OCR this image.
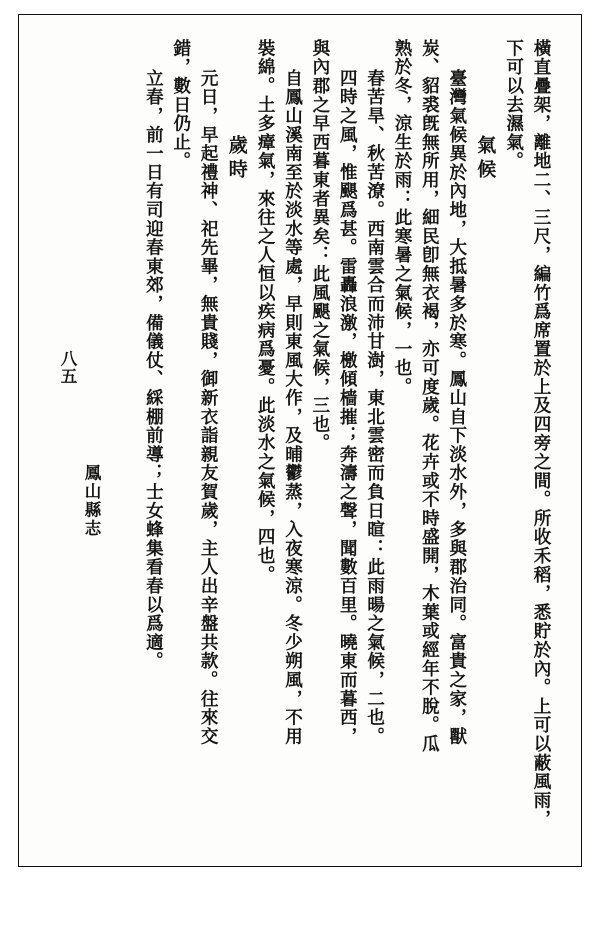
橫直疊架，離地二、三尺，編竹爲席置於上及四旁之間。所收禾稻，悉貯於內。上可以蔽風雨，
下可以去濕氣。
氣候
臺灣氣候異於內地，大抵暑多於寒。鳳山自下淡水外，多與郡治同。富貴之家，獸
炭、貂裘旣無所用，細民卽無衣褐，亦可度歲。花卉或不時盛開，木葉或經年不脫。瓜
熟於冬，涼生於雨：此寒暑之氣候，一也。
春苦旱、秋苦潦。西南雲合而沛甘澍，東北雲密而負日暄：此雨暘之氣候，二也。
四時之風，惟颶爲甚。雷轟浪激，檄傾樯摧；奔濤之聲，聞數百里。曉東而暮西，
與內郡之早西暮東者異矣：此風颶之氣候，三也。
自鳳山溪南至於淡水等處，早則東風大作，及晡鬱蒸，入夜寒涼。冬少朔風，不用
裝綿。土多瘴氣，來往之人恒以疾病爲憂。此淡水之氣候，四也。
歲時
元日，早起禮神、祀先畢，無貴賤，御新衣詣親友賀歲，主人出辛盤共款。往來交
錯，數日仍止。
立春，前一日有司迎春東郊，備儀仗、綵棚前導；士女蜂集看春以爲適。
鳳山縣志
八五
